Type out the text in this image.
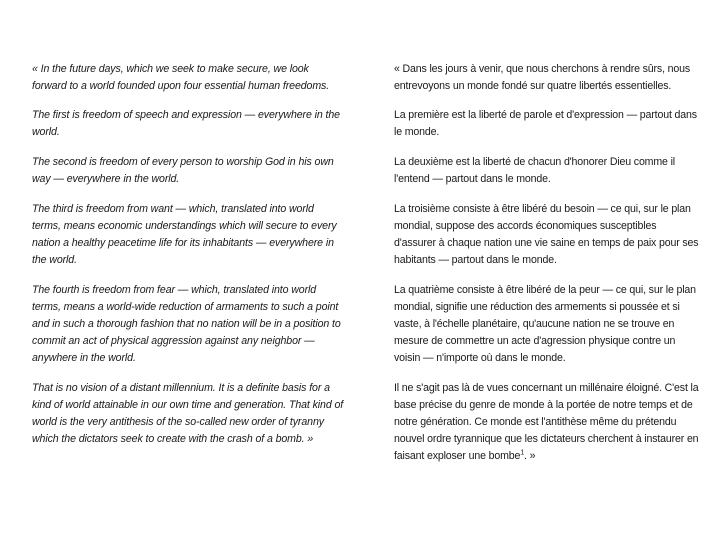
« In the future days, which we seek to make secure, we look forward to a world founded upon four essential human freedoms.

The first is freedom of speech and expression — everywhere in the world.

The second is freedom of every person to worship God in his own way — everywhere in the world.

The third is freedom from want — which, translated into world terms, means economic understandings which will secure to every nation a healthy peacetime life for its inhabitants — everywhere in the world.

The fourth is freedom from fear — which, translated into world terms, means a world-wide reduction of armaments to such a point and in such a thorough fashion that no nation will be in a position to commit an act of physical aggression against any neighbor — anywhere in the world.

That is no vision of a distant millennium. It is a definite basis for a kind of world attainable in our own time and generation. That kind of world is the very antithesis of the so-called new order of tyranny which the dictators seek to create with the crash of a bomb. »

« Dans les jours à venir, que nous cherchons à rendre sûrs, nous entrevoyons un monde fondé sur quatre libertés essentielles.

La première est la liberté de parole et d'expression — partout dans le monde.

La deuxième est la liberté de chacun d'honorer Dieu comme il l'entend — partout dans le monde.

La troisième consiste à être libéré du besoin — ce qui, sur le plan mondial, suppose des accords économiques susceptibles d'assurer à chaque nation une vie saine en temps de paix pour ses habitants — partout dans le monde.

La quatrième consiste à être libéré de la peur — ce qui, sur le plan mondial, signifie une réduction des armements si poussée et si vaste, à l'échelle planétaire, qu'aucune nation ne se trouve en mesure de commettre un acte d'agression physique contre un voisin — n'importe où dans le monde.

Il ne s'agit pas là de vues concernant un millénaire éloigné. C'est la base précise du genre de monde à la portée de notre temps et de notre génération. Ce monde est l'antithèse même du prétendu nouvel ordre tyrannique que les dictateurs cherchent à instaurer en faisant exploser une bombe$^1$. »
